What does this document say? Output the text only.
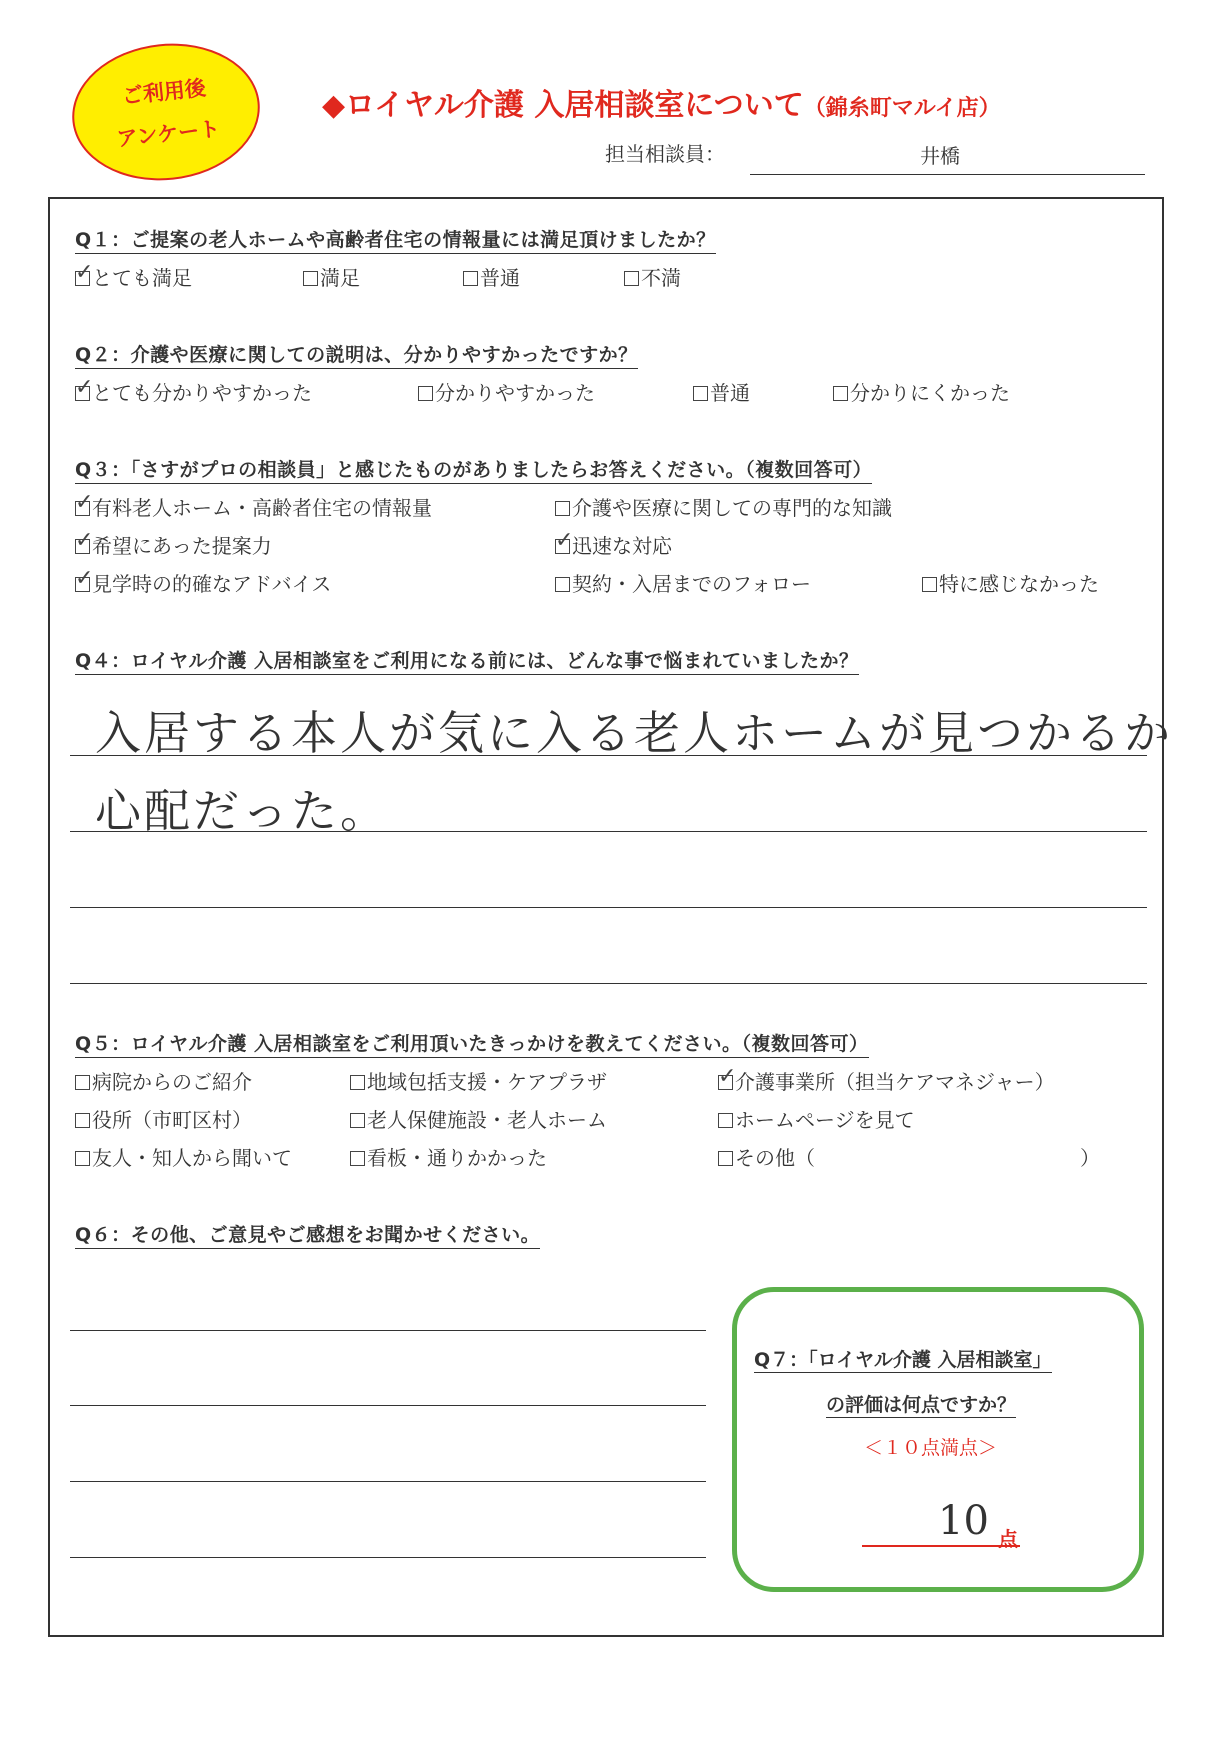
ご利用後
アンケート
◆ロイヤル介護 入居相談室について（錦糸町マルイ店）
担当相談員：	井橋
Q１：ご提案の老人ホームや高齢者住宅の情報量には満足頂けましたか？
✓とても満足	満足	普通	不満
Q２：介護や医療に関しての説明は、分かりやすかったですか？
✓とても分かりやすかった	分かりやすかった	普通	分かりにくかった
Q３：「さすがプロの相談員」と感じたものがありましたらお答えください。（複数回答可）
✓有料老人ホーム・高齢者住宅の情報量	介護や医療に関しての専門的な知識
✓希望にあった提案力 ✓	迅速な対応
✓見学時の的確なアドバイス	契約・入居までのフォロー	特に感じなかった
Q４：ロイヤル介護 入居相談室をご利用になる前には、どんな事で悩まれていましたか？
入居する本人が気に入る老人ホームが見つかるか
心配だった。
Q５：ロイヤル介護 入居相談室をご利用頂いたきっかけを教えてください。（複数回答可）
病院からのご紹介	地域包括支援・ケアプラザ ✓	介護事業所（担当ケアマネジャー）
役所（市町区村）	老人保健施設・老人ホーム	ホームページを見て
友人・知人から聞いて	看板・通りかかった	その他（	）
Q６：その他、ご意見やご感想をお聞かせください。
Q７：「ロイヤル介護 入居相談室」
の評価は何点ですか？
＜１０点満点＞
10 点
